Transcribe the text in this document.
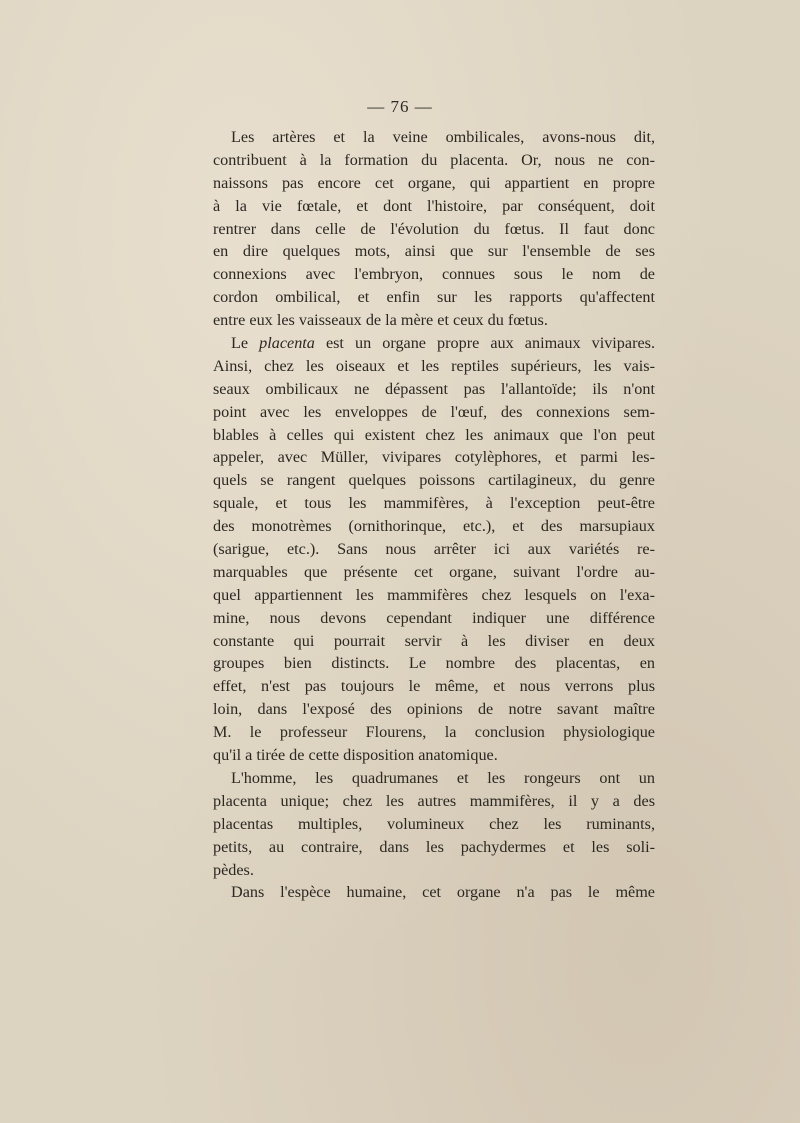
— 76 —
Les artères et la veine ombilicales, avons-nous dit,
contribuent à la formation du placenta. Or, nous ne con-
naissons pas encore cet organe, qui appartient en propre
à la vie fœtale, et dont l'histoire, par conséquent, doit
rentrer dans celle de l'évolution du fœtus. Il faut donc
en dire quelques mots, ainsi que sur l'ensemble de ses
connexions avec l'embryon, connues sous le nom de
cordon ombilical, et enfin sur les rapports qu'affectent
entre eux les vaisseaux de la mère et ceux du fœtus.
Le placenta est un organe propre aux animaux vivipares.
Ainsi, chez les oiseaux et les reptiles supérieurs, les vais-
seaux ombilicaux ne dépassent pas l'allantoïde; ils n'ont
point avec les enveloppes de l'œuf, des connexions sem-
blables à celles qui existent chez les animaux que l'on peut
appeler, avec Müller, vivipares cotylèphores, et parmi les-
quels se rangent quelques poissons cartilagineux, du genre
squale, et tous les mammifères, à l'exception peut-être
des monotrèmes (ornithorinque, etc.), et des marsupiaux
(sarigue, etc.). Sans nous arrêter ici aux variétés re-
marquables que présente cet organe, suivant l'ordre au-
quel appartiennent les mammifères chez lesquels on l'exa-
mine, nous devons cependant indiquer une différence
constante qui pourrait servir à les diviser en deux
groupes bien distincts. Le nombre des placentas, en
effet, n'est pas toujours le même, et nous verrons plus
loin, dans l'exposé des opinions de notre savant maître
M. le professeur Flourens, la conclusion physiologique
qu'il a tirée de cette disposition anatomique.
L'homme, les quadrumanes et les rongeurs ont un
placenta unique; chez les autres mammifères, il y a des
placentas multiples, volumineux chez les ruminants,
petits, au contraire, dans les pachydermes et les soli-
pèdes.
Dans l'espèce humaine, cet organe n'a pas le même
